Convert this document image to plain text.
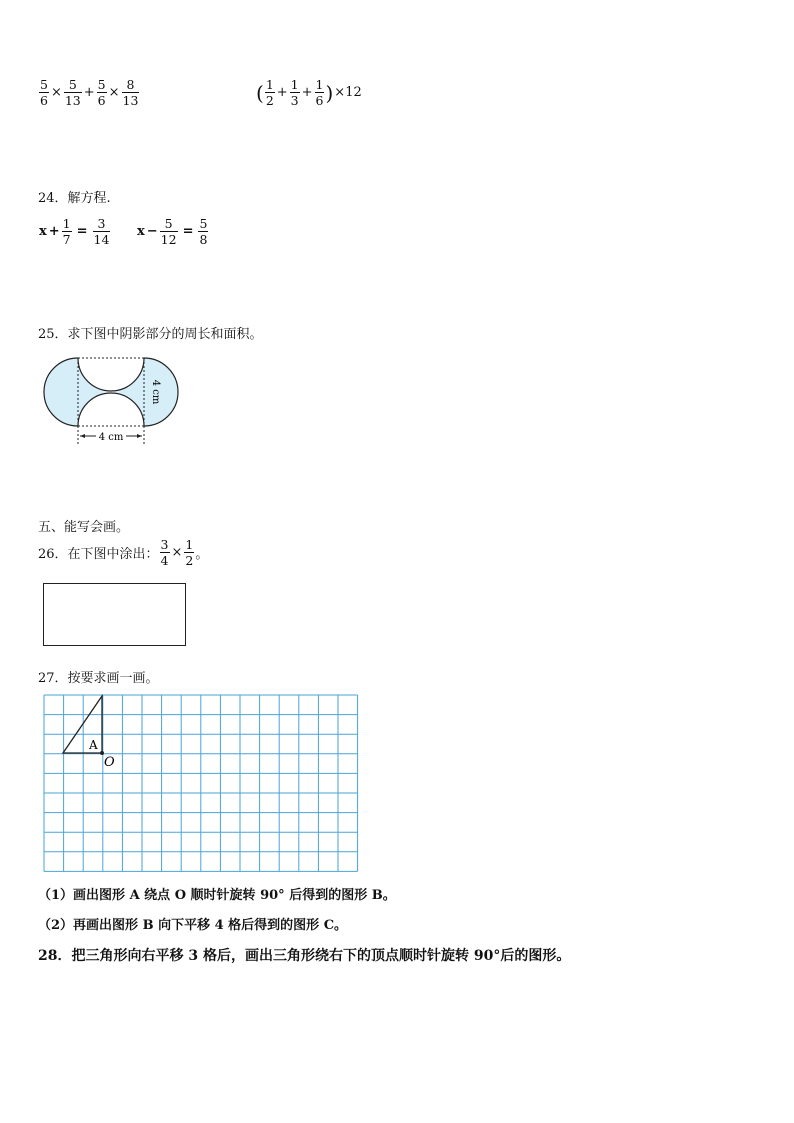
$\frac{5}{6} \times \frac{5}{13} + \frac{5}{6} \times \frac{8}{13}$	( $\frac{1}{2} + \frac{1}{3} + \frac{1}{6}$ ) ×12
24．解方程.
$x + \frac{1}{7} = \frac{3}{14}$ $x - \frac{5}{12} = \frac{5}{8}$
25．求下图中阴影部分的周长和面积。
4 cm
4 cm
五、能写会画。
26．在下图中涂出： $\frac{3}{4} \times \frac{1}{2}$ 。
27．按要求画一画。
A
O
（1）画出图形 A 绕点 O 顺时针旋转 90° 后得到的图形 B。
（2）再画出图形 B 向下平移 4 格后得到的图形 C。
28．把三角形向右平移 3 格后，画出三角形绕右下的顶点顺时针旋转 90°后的图形。
